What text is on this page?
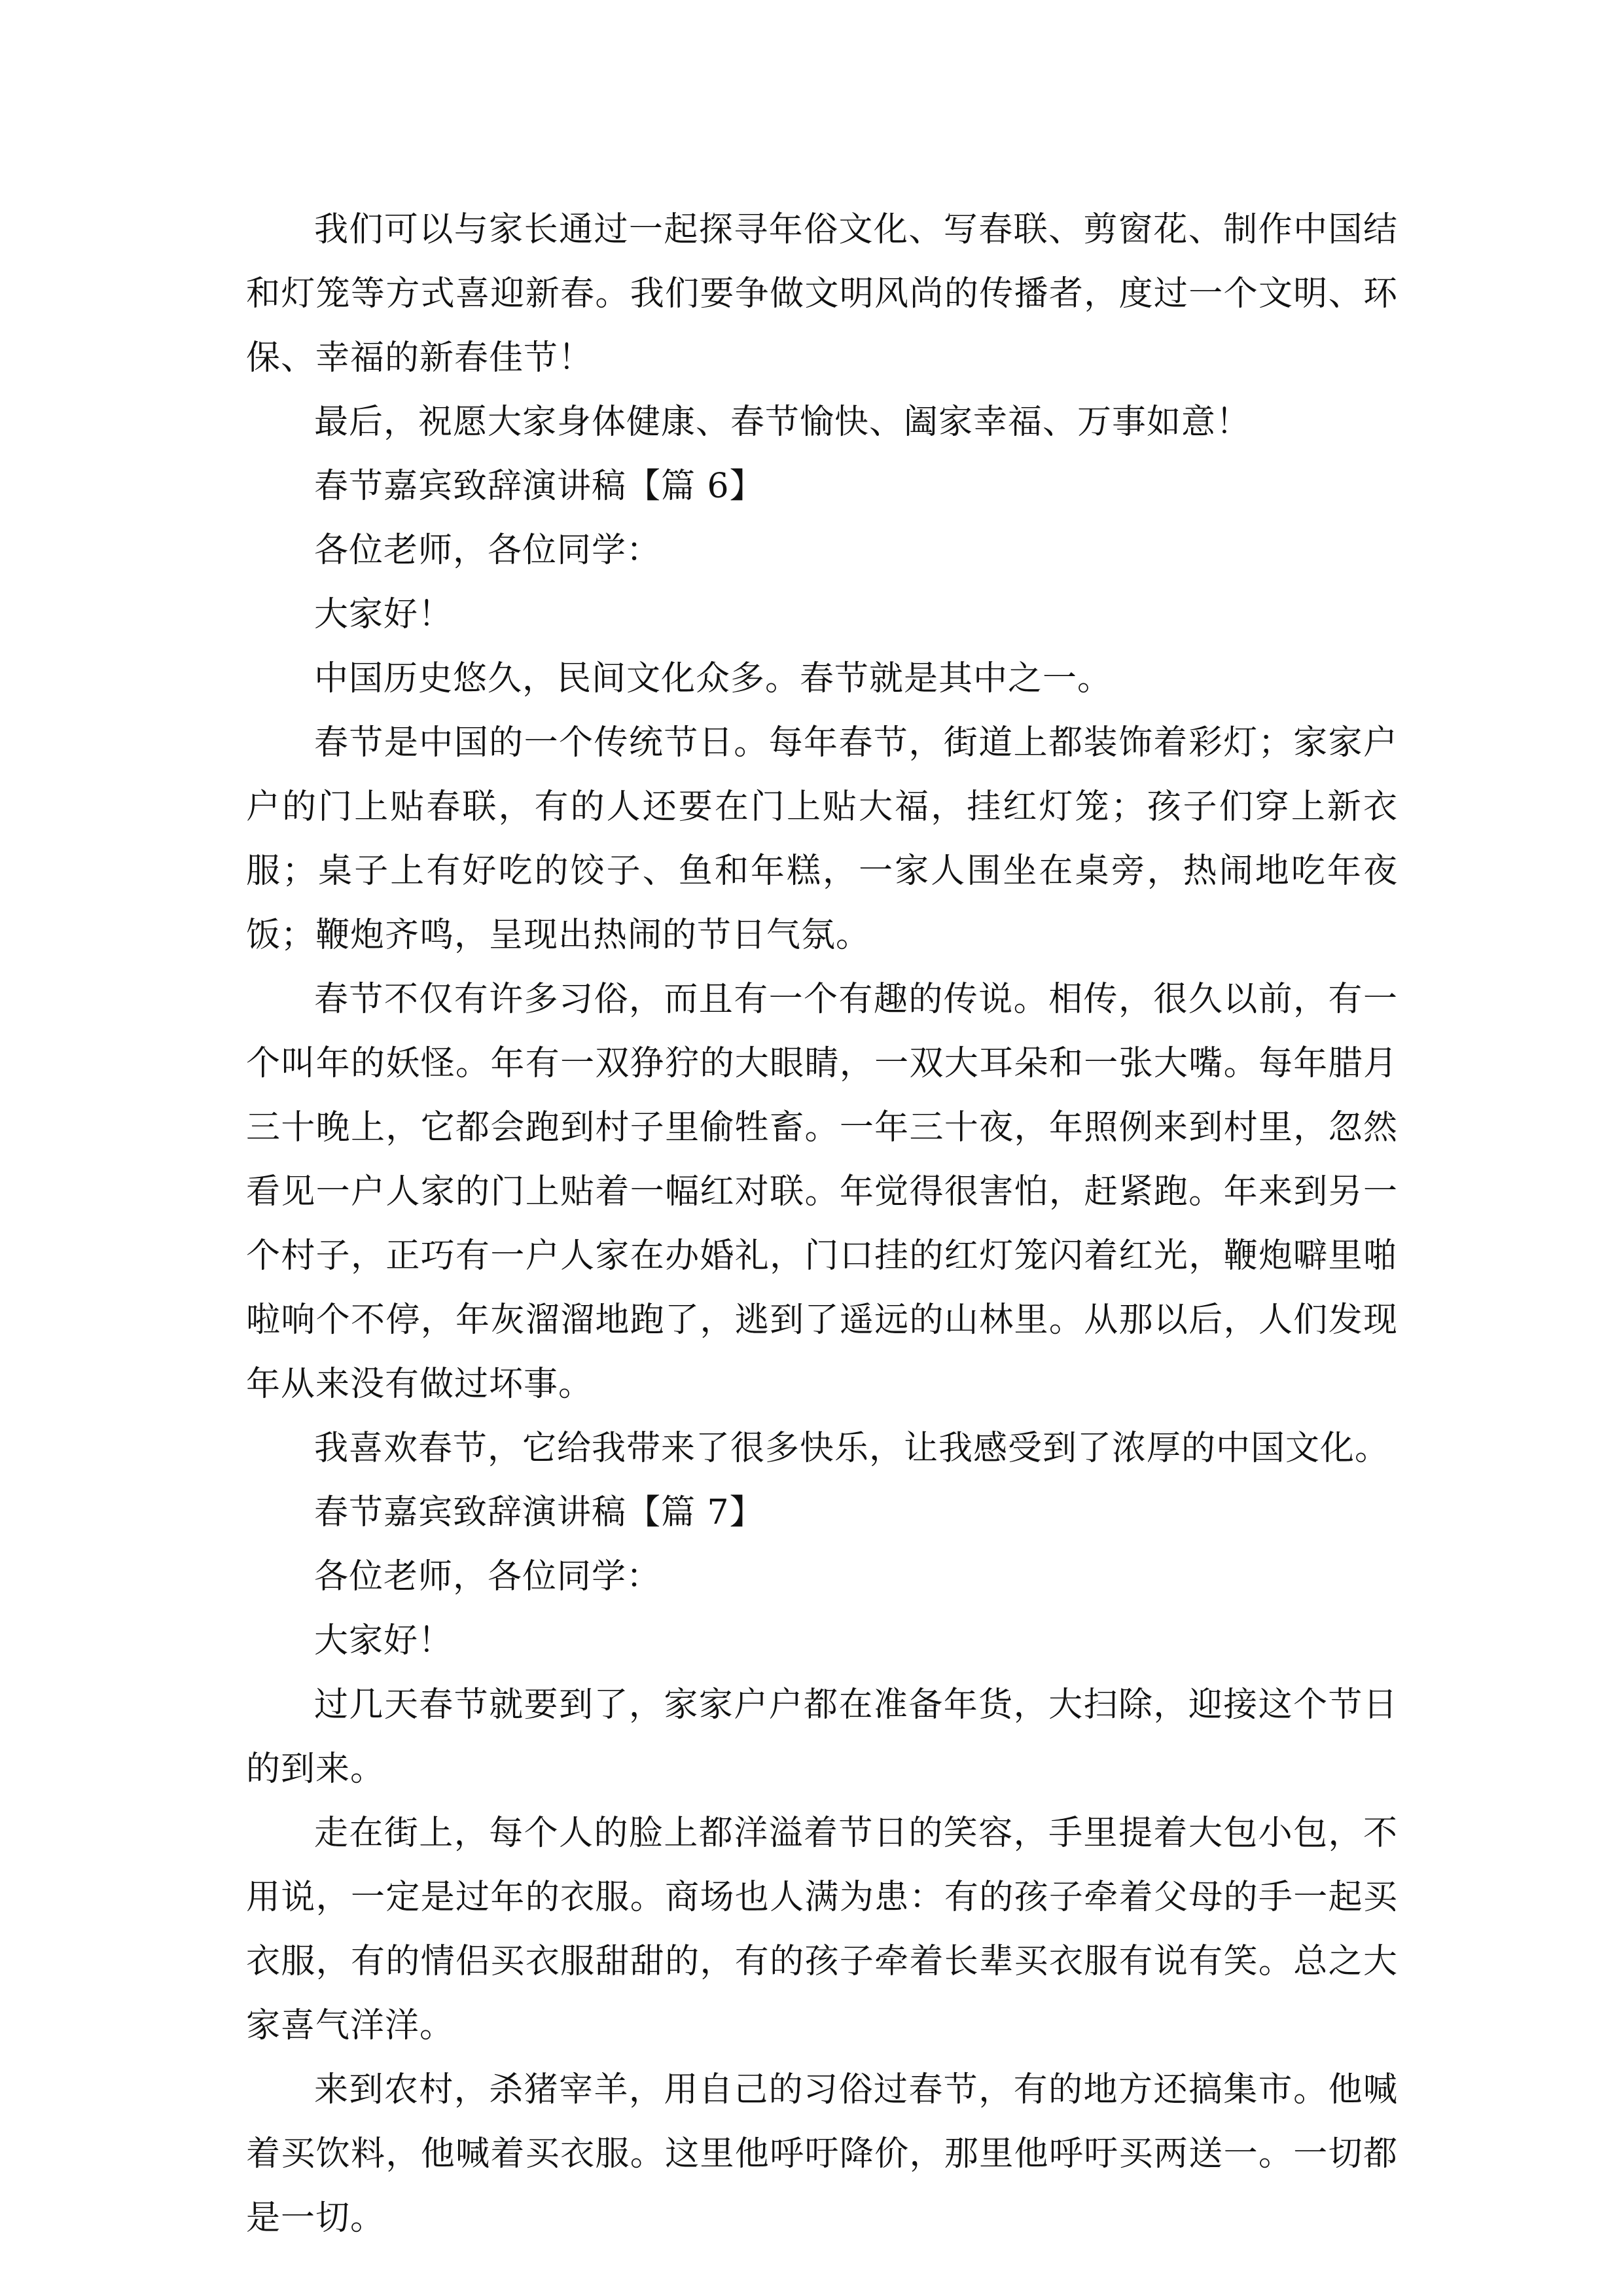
我们可以与家长通过一起探寻年俗文化、写春联、剪窗花、制作中国结和灯笼等方式喜迎新春。我们要争做文明风尚的传播者，度过一个文明、环保、幸福的新春佳节！

最后，祝愿大家身体健康、春节愉快、阖家幸福、万事如意！

春节嘉宾致辞演讲稿【篇 6】

各位老师，各位同学：

大家好！

中国历史悠久，民间文化众多。春节就是其中之一。

春节是中国的一个传统节日。每年春节，街道上都装饰着彩灯；家家户户的门上贴春联，有的人还要在门上贴大福，挂红灯笼；孩子们穿上新衣服；桌子上有好吃的饺子、鱼和年糕，一家人围坐在桌旁，热闹地吃年夜饭；鞭炮齐鸣，呈现出热闹的节日气氛。

春节不仅有许多习俗，而且有一个有趣的传说。相传，很久以前，有一个叫年的妖怪。年有一双狰狞的大眼睛，一双大耳朵和一张大嘴。每年腊月三十晚上，它都会跑到村子里偷牲畜。一年三十夜，年照例来到村里，忽然看见一户人家的门上贴着一幅红对联。年觉得很害怕，赶紧跑。年来到另一个村子，正巧有一户人家在办婚礼，门口挂的红灯笼闪着红光，鞭炮噼里啪啦响个不停，年灰溜溜地跑了，逃到了遥远的山林里。从那以后，人们发现年从来没有做过坏事。

我喜欢春节，它给我带来了很多快乐，让我感受到了浓厚的中国文化。

春节嘉宾致辞演讲稿【篇 7】

各位老师，各位同学：

大家好！

过几天春节就要到了，家家户户都在准备年货，大扫除，迎接这个节日的到来。

走在街上，每个人的脸上都洋溢着节日的笑容，手里提着大包小包，不用说，一定是过年的衣服。商场也人满为患：有的孩子牵着父母的手一起买衣服，有的情侣买衣服甜甜的，有的孩子牵着长辈买衣服有说有笑。总之大家喜气洋洋。

来到农村，杀猪宰羊，用自己的习俗过春节，有的地方还搞集市。他喊着买饮料，他喊着买衣服。这里他呼吁降价，那里他呼吁买两送一。一切都是一切。
